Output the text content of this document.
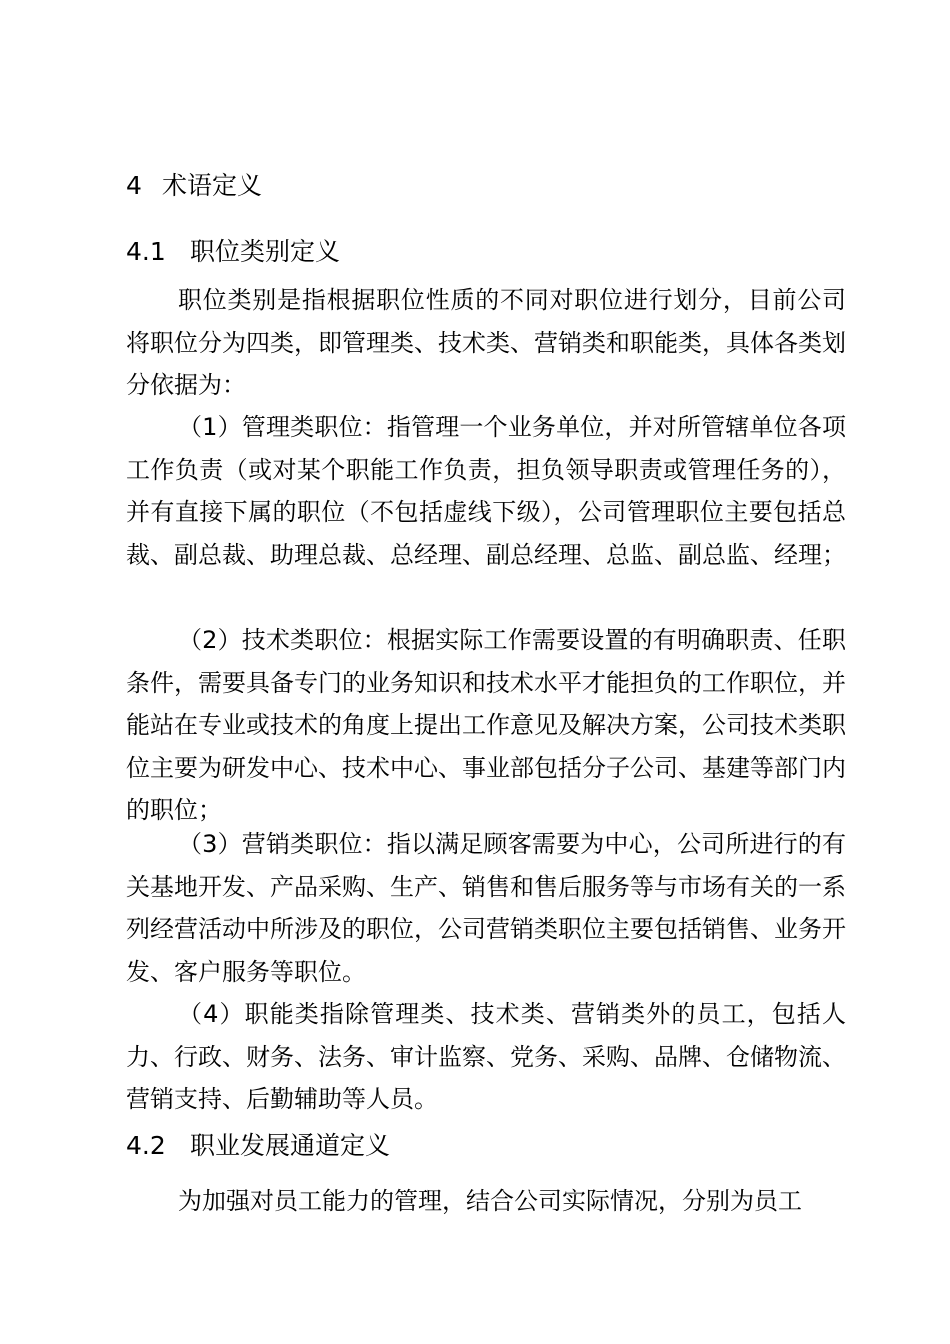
4 术语定义
4.1 职位类别定义

职位类别是指根据职位性质的不同对职位进行划分，目前公司将职位分为四类，即管理类、技术类、营销类和职能类，具体各类划分依据为：

（1）管理类职位：指管理一个业务单位，并对所管辖单位各项工作负责（或对某个职能工作负责，担负领导职责或管理任务的），并有直接下属的职位（不包括虚线下级），公司管理职位主要包括总裁、副总裁、助理总裁、总经理、副总经理、总监、副总监、经理；

（2）技术类职位：根据实际工作需要设置的有明确职责、任职条件，需要具备专门的业务知识和技术水平才能担负的工作职位，并能站在专业或技术的角度上提出工作意见及解决方案，公司技术类职位主要为研发中心、技术中心、事业部包括分子公司、基建等部门内的职位；

（3）营销类职位：指以满足顾客需要为中心，公司所进行的有关基地开发、产品采购、生产、销售和售后服务等与市场有关的一系列经营活动中所涉及的职位，公司营销类职位主要包括销售、业务开发、客户服务等职位。

（4）职能类指除管理类、技术类、营销类外的员工，包括人力、行政、财务、法务、审计监察、党务、采购、品牌、仓储物流、营销支持、后勤辅助等人员。

4.2 职业发展通道定义

为加强对员工能力的管理，结合公司实际情况，分别为员工
